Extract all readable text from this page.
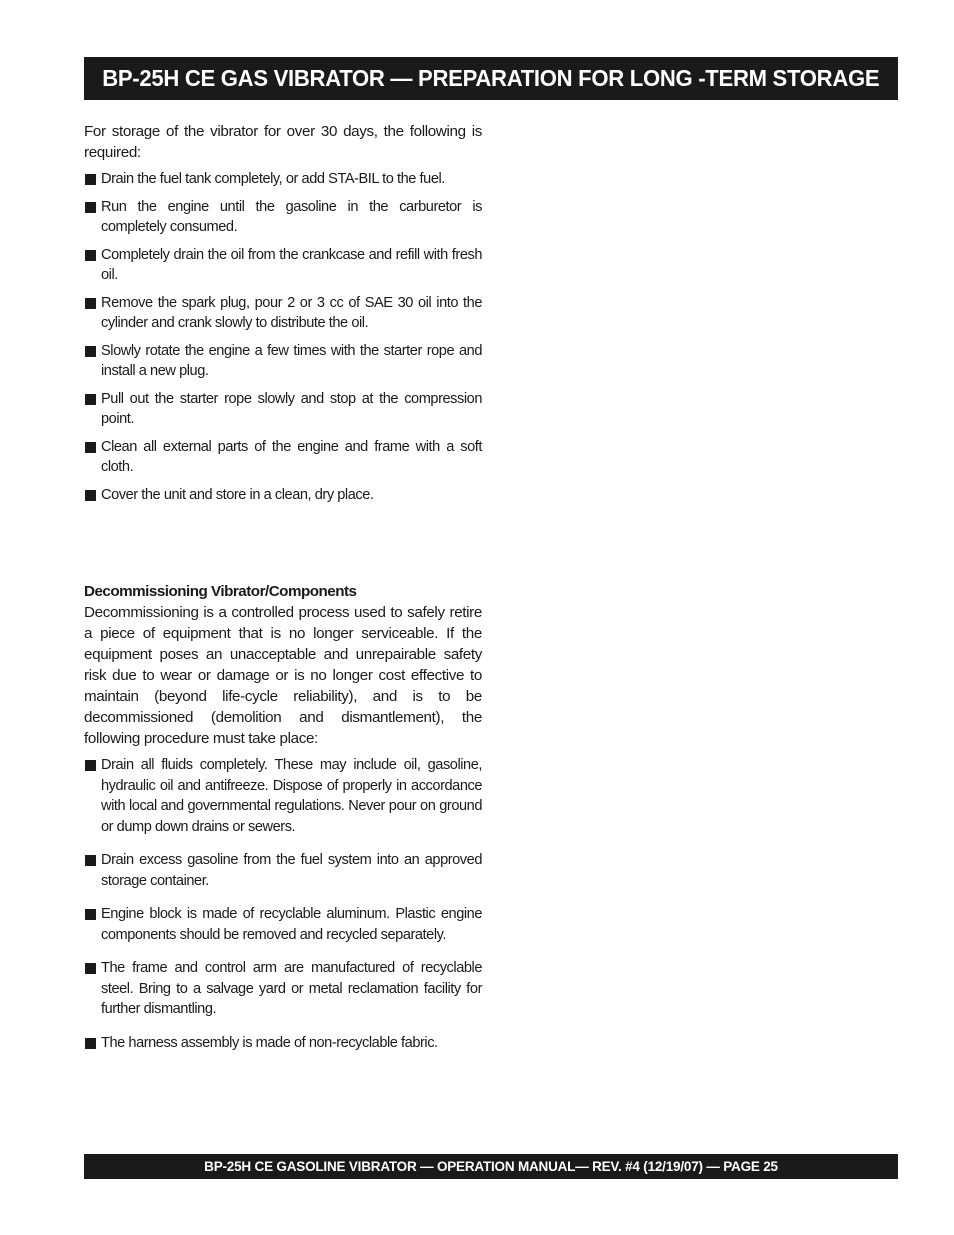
BP-25H CE GAS VIBRATOR — PREPARATION FOR LONG -TERM STORAGE

For storage of the vibrator for over 30 days, the following is required:

Drain the fuel tank completely, or add STA-BIL to the fuel.
Run the engine until the gasoline in the carburetor is completely consumed.
Completely drain the oil from the crankcase and refill with fresh oil.
Remove the spark plug, pour 2 or 3 cc of SAE 30 oil into the cylinder and crank slowly to distribute the oil.
Slowly rotate the engine a few times with the starter rope and install a new plug.
Pull out the starter rope slowly and stop at the compression point.
Clean all external parts of the engine and frame with a soft cloth.
Cover the unit and store in a clean, dry place.
Decommissioning Vibrator/Components

Decommissioning is a controlled process used to safely retire a piece of equipment that is no longer serviceable. If the equipment poses an unacceptable and unrepairable safety risk due to wear or damage or is no longer cost effective to maintain (beyond life-cycle reliability), and is to be decommissioned (demolition and dismantlement), the following procedure must take place:

Drain all fluids completely. These may include oil, gasoline, hydraulic oil and antifreeze. Dispose of properly in accordance with local and governmental regulations. Never pour on ground or dump down drains or sewers.
Drain excess gasoline from the fuel system into an approved storage container.
Engine block is made of recyclable aluminum. Plastic engine components should be removed and recycled separately.
The frame and control arm are manufactured of recyclable steel. Bring to a salvage yard or metal reclamation facility for further dismantling.
The harness assembly is made of non-recyclable fabric.
BP-25H CE GASOLINE VIBRATOR — OPERATION MANUAL— REV. #4 (12/19/07) — PAGE 25
